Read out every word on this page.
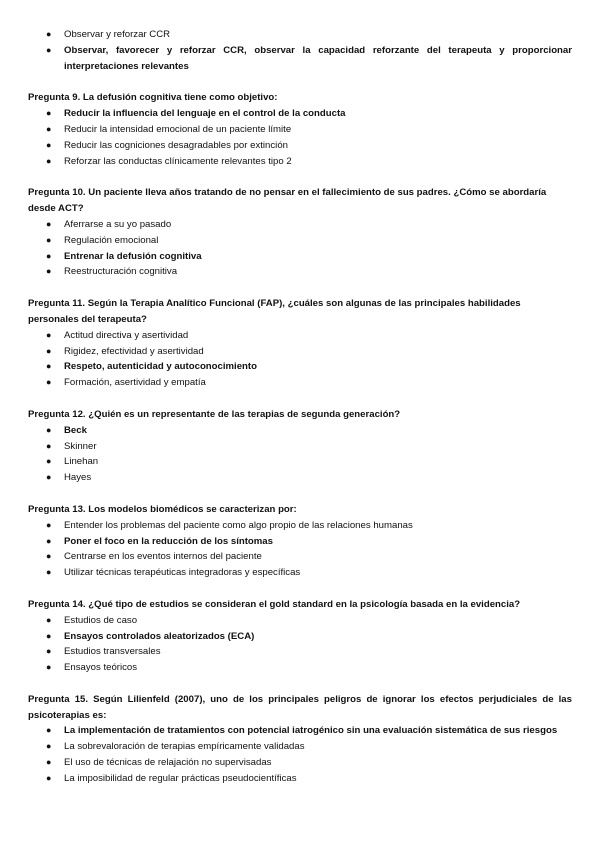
● Observar y reforzar CCR
● Observar, favorecer y reforzar CCR, observar la capacidad reforzante del terapeuta y proporcionar interpretaciones relevantes

Pregunta 9. La defusión cognitiva tiene como objetivo:

● Reducir la influencia del lenguaje en el control de la conducta
● Reducir la intensidad emocional de un paciente límite
● Reducir las cogniciones desagradables por extinción
● Reforzar las conductas clínicamente relevantes tipo 2

Pregunta 10. Un paciente lleva años tratando de no pensar en el fallecimiento de sus padres. ¿Cómo se abordaría desde ACT?

● Aferrarse a su yo pasado
● Regulación emocional
● Entrenar la defusión cognitiva
● Reestructuración cognitiva

Pregunta 11. Según la Terapia Analítico Funcional (FAP), ¿cuáles son algunas de las principales habilidades personales del terapeuta?

● Actitud directiva y asertividad
● Rigidez, efectividad y asertividad
● Respeto, autenticidad y autoconocimiento
● Formación, asertividad y empatía

Pregunta 12. ¿Quién es un representante de las terapias de segunda generación?

● Beck
● Skinner
● Linehan
● Hayes

Pregunta 13. Los modelos biomédicos se caracterizan por:

● Entender los problemas del paciente como algo propio de las relaciones humanas
● Poner el foco en la reducción de los síntomas
● Centrarse en los eventos internos del paciente
● Utilizar técnicas terapéuticas integradoras y específicas

Pregunta 14. ¿Qué tipo de estudios se consideran el gold standard en la psicología basada en la evidencia?

● Estudios de caso
● Ensayos controlados aleatorizados (ECA)
● Estudios transversales
● Ensayos teóricos

Pregunta 15. Según Lilienfeld (2007), uno de los principales peligros de ignorar los efectos perjudiciales de las psicoterapias es:

● La implementación de tratamientos con potencial iatrogénico sin una evaluación sistemática de sus riesgos
● La sobrevaloración de terapias empíricamente validadas
● El uso de técnicas de relajación no supervisadas
● La imposibilidad de regular prácticas pseudocientíficas
